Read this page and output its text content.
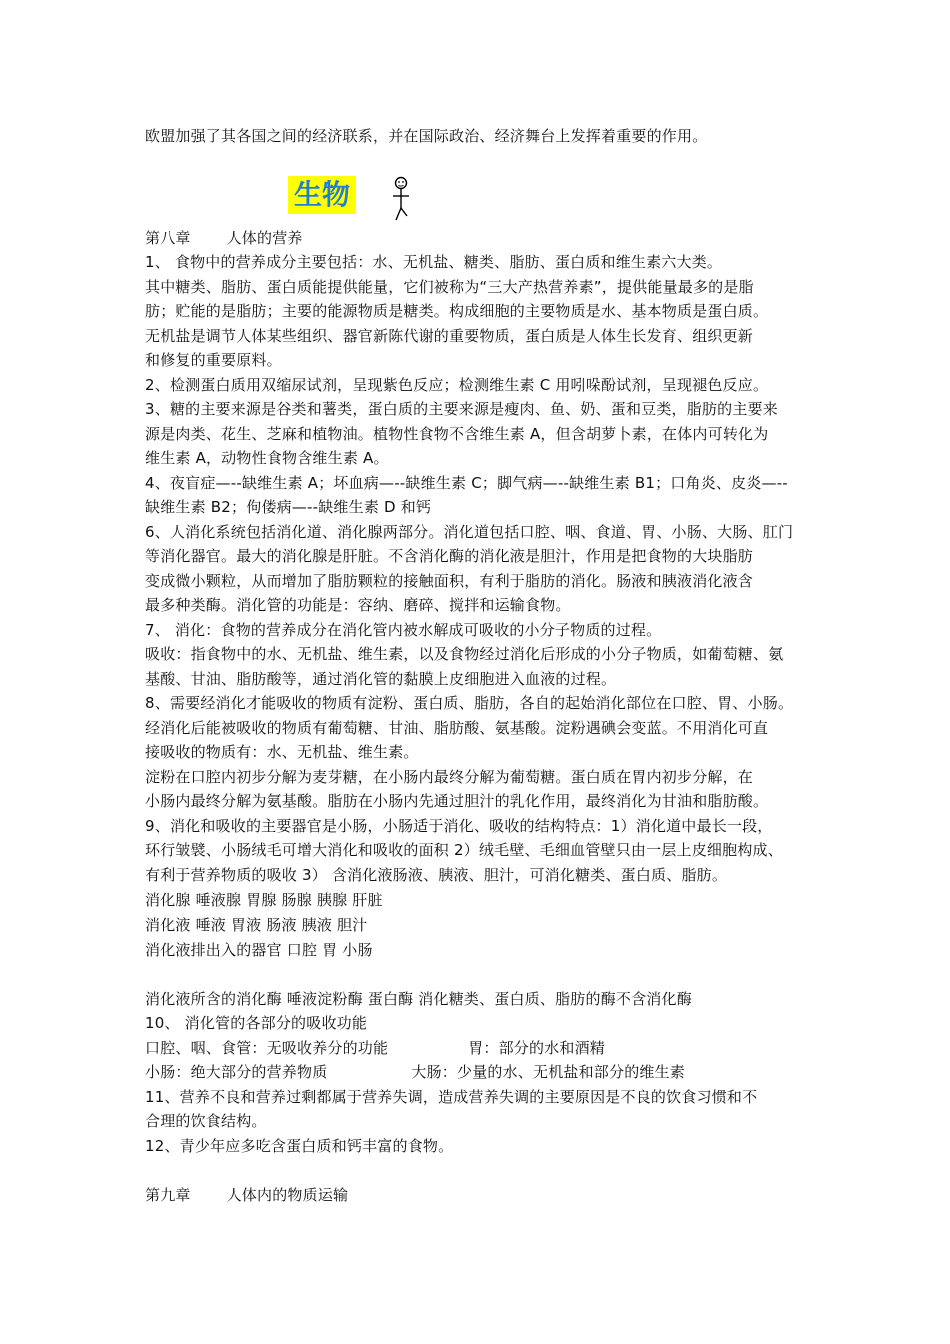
欧盟加强了其各国之间的经济联系，并在国际政治、经济舞台上发挥着重要的作用。
生物
第八章 人体的营养
1、 食物中的营养成分主要包括：水、无机盐、糖类、脂肪、蛋白质和维生素六大类。
其中糖类、脂肪、蛋白质能提供能量，它们被称为“三大产热营养素”，提供能量最多的是脂
肪；贮能的是脂肪；主要的能源物质是糖类。构成细胞的主要物质是水、基本物质是蛋白质。
无机盐是调节人体某些组织、器官新陈代谢的重要物质，蛋白质是人体生长发育、组织更新
和修复的重要原料。
2、检测蛋白质用双缩尿试剂，呈现紫色反应；检测维生素 C 用吲哚酚试剂，呈现褪色反应。
3、糖的主要来源是谷类和薯类，蛋白质的主要来源是瘦肉、鱼、奶、蛋和豆类，脂肪的主要来
源是肉类、花生、芝麻和植物油。植物性食物不含维生素 A，但含胡萝卜素，在体内可转化为
维生素 A，动物性食物含维生素 A。
4、夜盲症—--缺维生素 A；坏血病—--缺维生素 C；脚气病—--缺维生素 B1；口角炎、皮炎—--
缺维生素 B2；佝偻病—--缺维生素 D 和钙
6、人消化系统包括消化道、消化腺两部分。消化道包括口腔、咽、食道、胃、小肠、大肠、肛门
等消化器官。最大的消化腺是肝脏。不含消化酶的消化液是胆汁，作用是把食物的大块脂肪
变成微小颗粒，从而增加了脂肪颗粒的接触面积，有利于脂肪的消化。肠液和胰液消化液含
最多种类酶。消化管的功能是：容纳、磨碎、搅拌和运输食物。
7、 消化：食物的营养成分在消化管内被水解成可吸收的小分子物质的过程。
吸收：指食物中的水、无机盐、维生素，以及食物经过消化后形成的小分子物质，如葡萄糖、氨
基酸、甘油、脂肪酸等，通过消化管的黏膜上皮细胞进入血液的过程。
8、需要经消化才能吸收的物质有淀粉、蛋白质、脂肪，各自的起始消化部位在口腔、胃、小肠。
经消化后能被吸收的物质有葡萄糖、甘油、脂肪酸、氨基酸。淀粉遇碘会变蓝。不用消化可直
接吸收的物质有：水、无机盐、维生素。
淀粉在口腔内初步分解为麦芽糖，在小肠内最终分解为葡萄糖。蛋白质在胃内初步分解，在
小肠内最终分解为氨基酸。脂肪在小肠内先通过胆汁的乳化作用，最终消化为甘油和脂肪酸。
9、消化和吸收的主要器官是小肠，小肠适于消化、吸收的结构特点：1）消化道中最长一段，
环行皱襞、小肠绒毛可增大消化和吸收的面积 2）绒毛壁、毛细血管壁只由一层上皮细胞构成、
有利于营养物质的吸收 3） 含消化液肠液、胰液、胆汁，可消化糖类、蛋白质、脂肪。
消化腺 唾液腺 胃腺 肠腺 胰腺 肝脏
消化液 唾液 胃液 肠液 胰液 胆汁
消化液排出入的器官 口腔 胃 小肠
消化液所含的消化酶 唾液淀粉酶 蛋白酶 消化糖类、蛋白质、脂肪的酶不含消化酶
10、 消化管的各部分的吸收功能
口腔、咽、食管：无吸收养分的功能	胃：部分的水和酒精
小肠：绝大部分的营养物质	大肠：少量的水、无机盐和部分的维生素
11、营养不良和营养过剩都属于营养失调，造成营养失调的主要原因是不良的饮食习惯和不
合理的饮食结构。
12、青少年应多吃含蛋白质和钙丰富的食物。
第九章 人体内的物质运输
